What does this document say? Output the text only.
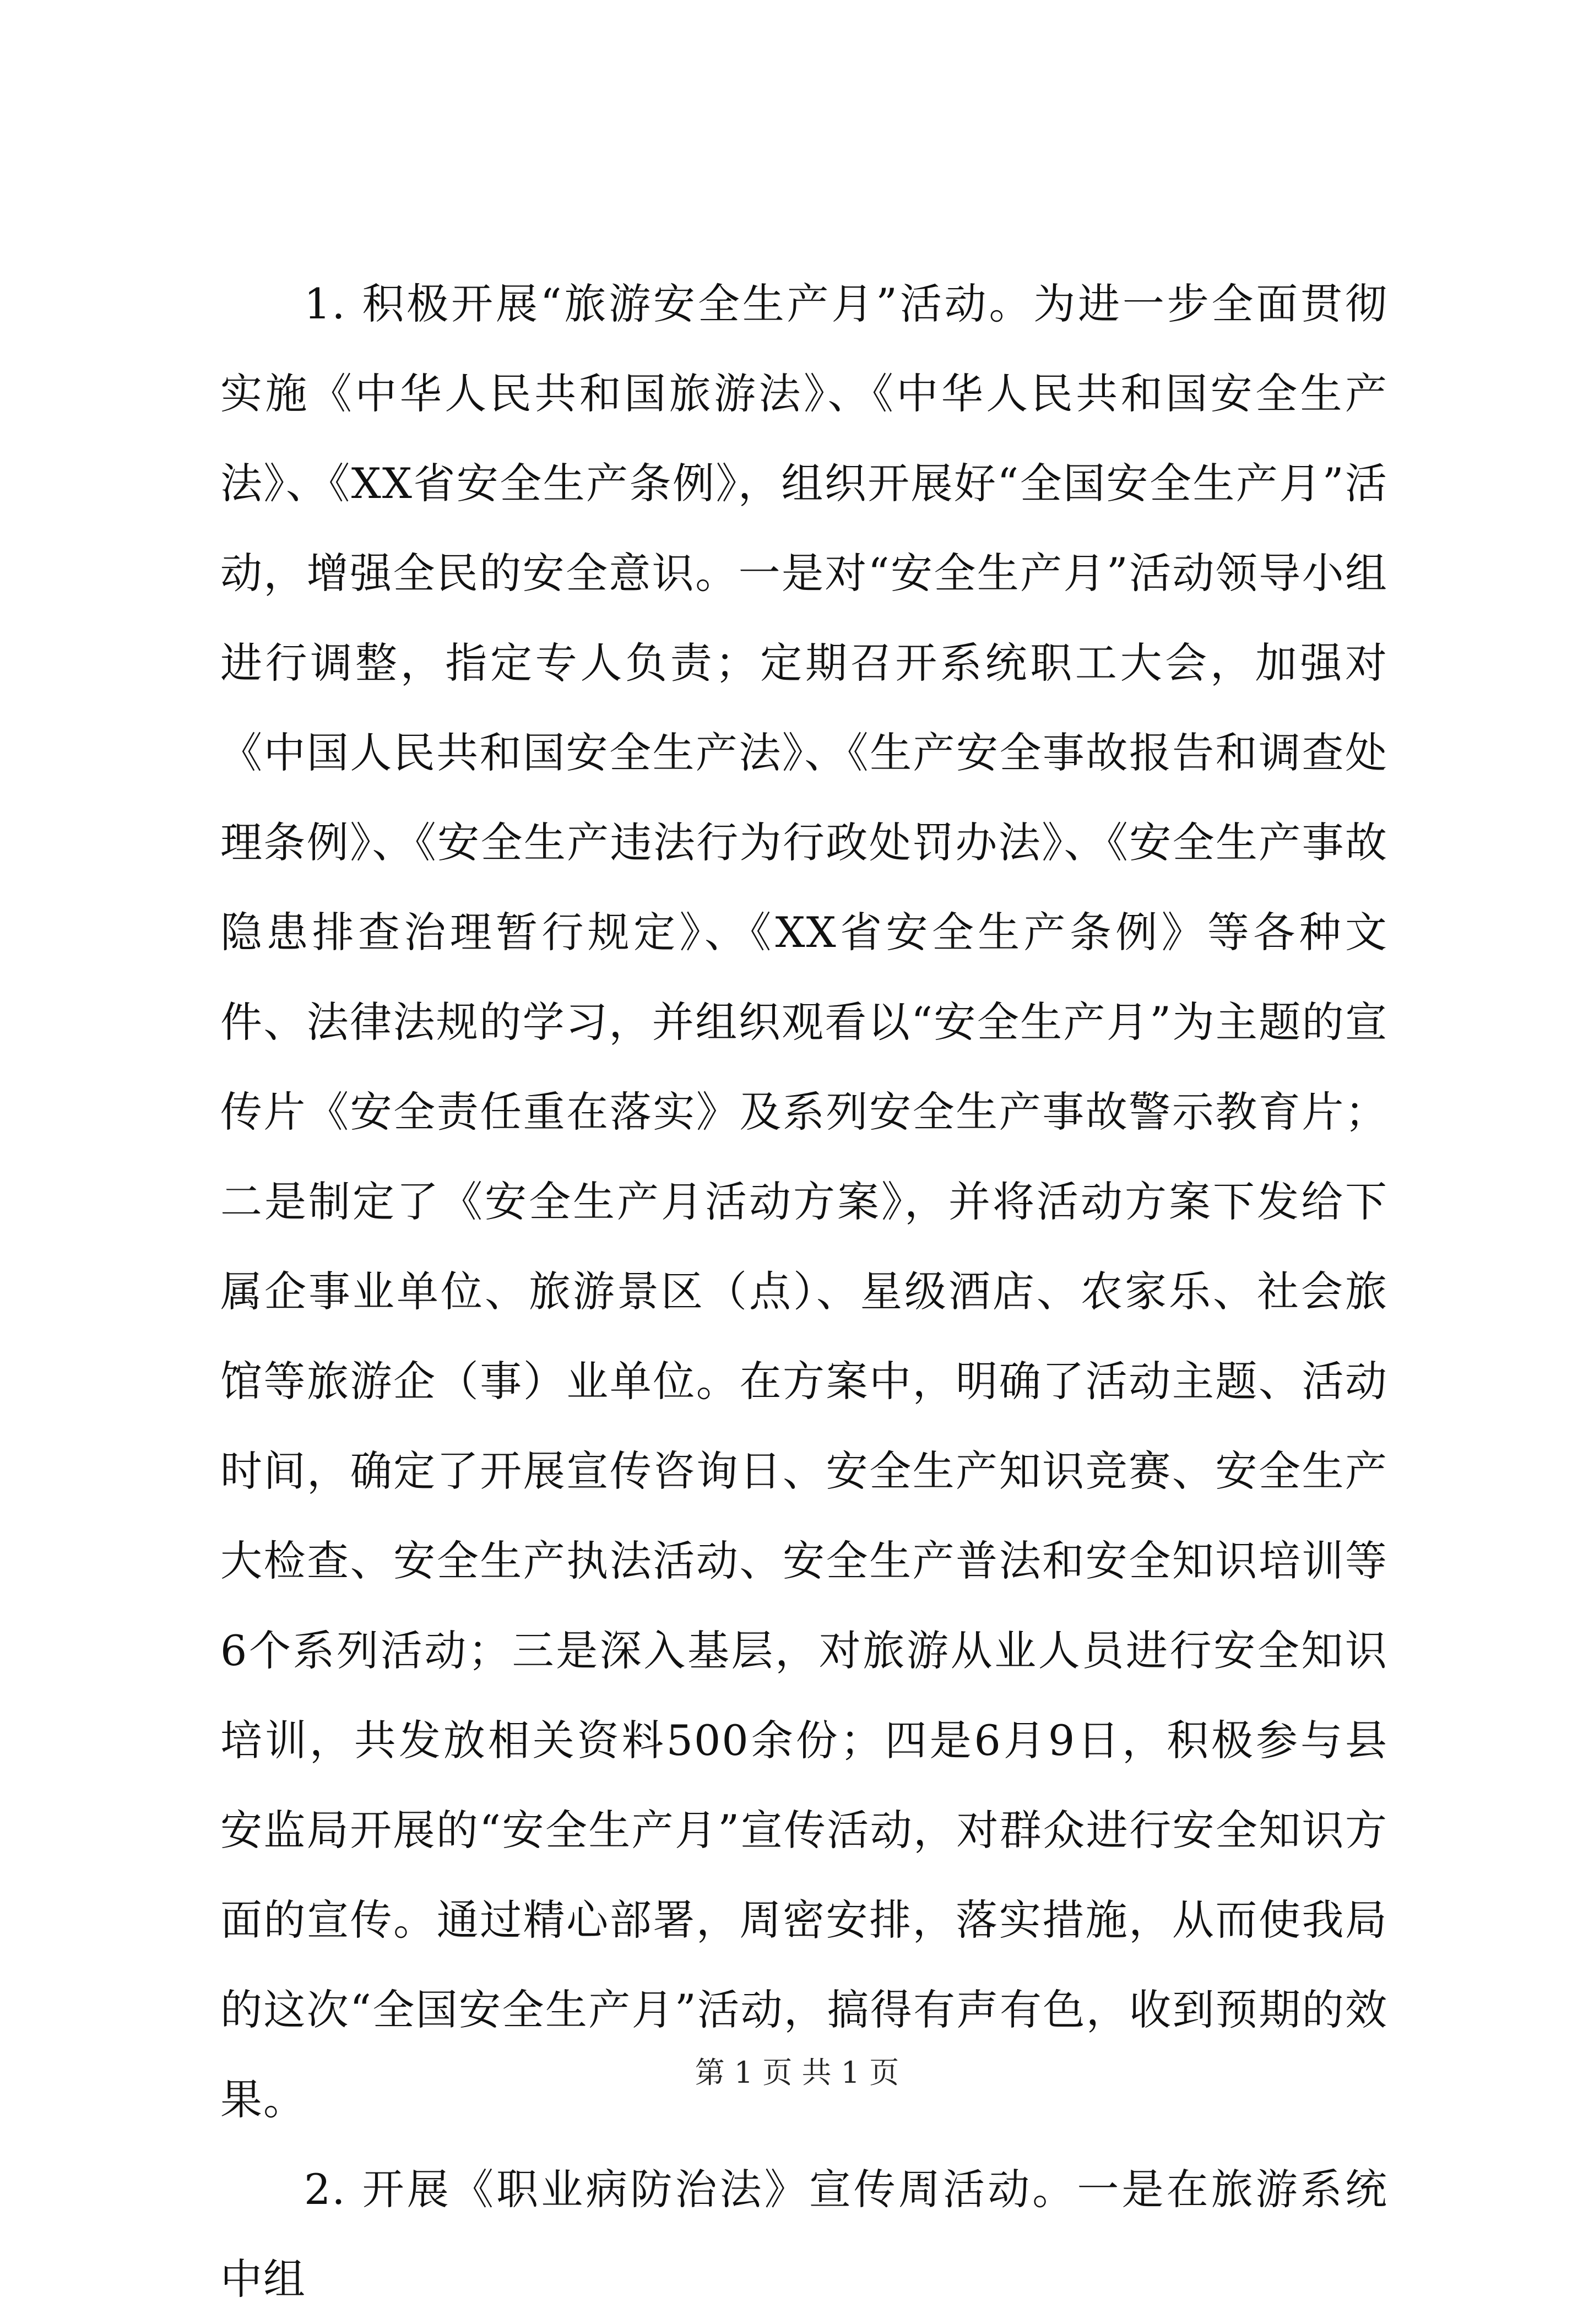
1. 积极开展“旅游安全生产月”活动。为进一步全面贯彻实施《中华人民共和国旅游法》、《中华人民共和国安全生产法》、《XX省安全生产条例》，组织开展好“全国安全生产月”活动，增强全民的安全意识。一是对“安全生产月”活动领导小组进行调整，指定专人负责；定期召开系统职工大会，加强对《中国人民共和国安全生产法》、《生产安全事故报告和调查处理条例》、《安全生产违法行为行政处罚办法》、《安全生产事故隐患排查治理暂行规定》、《XX省安全生产条例》等各种文件、法律法规的学习，并组织观看以“安全生产月”为主题的宣传片《安全责任重在落实》及系列安全生产事故警示教育片；二是制定了《安全生产月活动方案》，并将活动方案下发给下属企事业单位、旅游景区（点）、星级酒店、农家乐、社会旅馆等旅游企（事）业单位。在方案中，明确了活动主题、活动时间，确定了开展宣传咨询日、安全生产知识竞赛、安全生产大检查、安全生产执法活动、安全生产普法和安全知识培训等6个系列活动；三是深入基层，对旅游从业人员进行安全知识培训，共发放相关资料500余份；四是6月9日，积极参与县安监局开展的“安全生产月”宣传活动，对群众进行安全知识方面的宣传。通过精心部署，周密安排，落实措施，从而使我局的这次“全国安全生产月”活动，搞得有声有色，收到预期的效果。

2. 开展《职业病防治法》宣传周活动。一是在旅游系统中组

第 1 页 共 1 页
